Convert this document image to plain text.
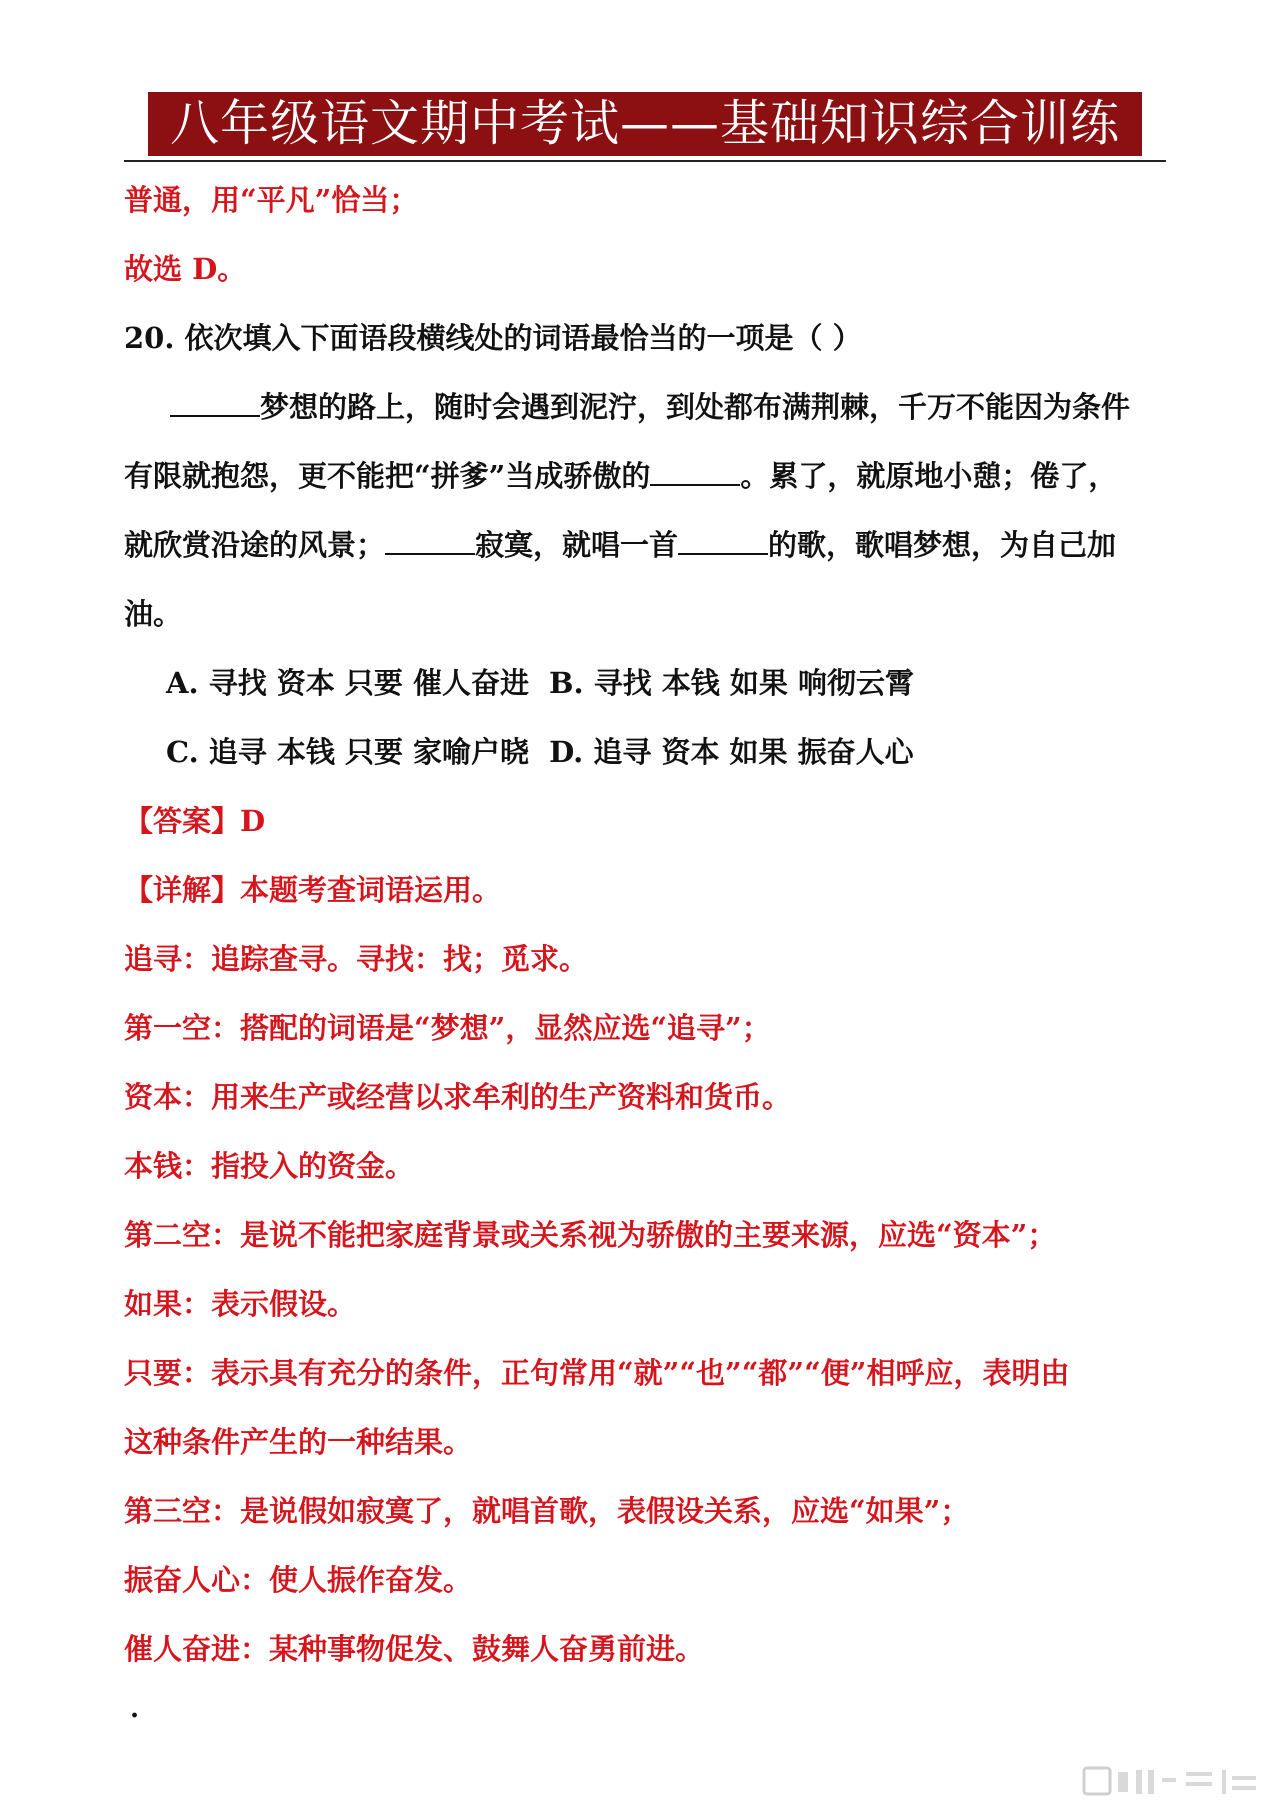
八年级语文期中考试——基础知识综合训练
普通，用“平凡”恰当；
故选 D。
20. 依次填入下面语段横线处的词语最恰当的一项是（ ）
梦想的路上，随时会遇到泥泞，到处都布满荆棘，千万不能因为条件
有限就抱怨，更不能把“拼爹”当成骄傲的	。累了，就原地小憩；倦了，
就欣赏沿途的风景；	寂寞，就唱一首	的歌，歌唱梦想，为自己加
油。
A. 寻找 资本 只要 催人奋进 B. 寻找 本钱 如果 响彻云霄
C. 追寻 本钱 只要 家喻户晓 D. 追寻 资本 如果 振奋人心
【答案】D
【详解】本题考查词语运用。
追寻：追踪查寻。寻找：找；觅求。
第一空：搭配的词语是“梦想”，显然应选“追寻”；
资本：用来生产或经营以求牟利的生产资料和货币。
本钱：指投入的资金。
第二空：是说不能把家庭背景或关系视为骄傲的主要来源，应选“资本”；
如果：表示假设。
只要：表示具有充分的条件，正句常用“就”“也”“都”“便”相呼应，表明由
这种条件产生的一种结果。
第三空：是说假如寂寞了，就唱首歌，表假设关系，应选“如果”；
振奋人心：使人振作奋发。
催人奋进：某种事物促发、鼓舞人奋勇前进。
.
